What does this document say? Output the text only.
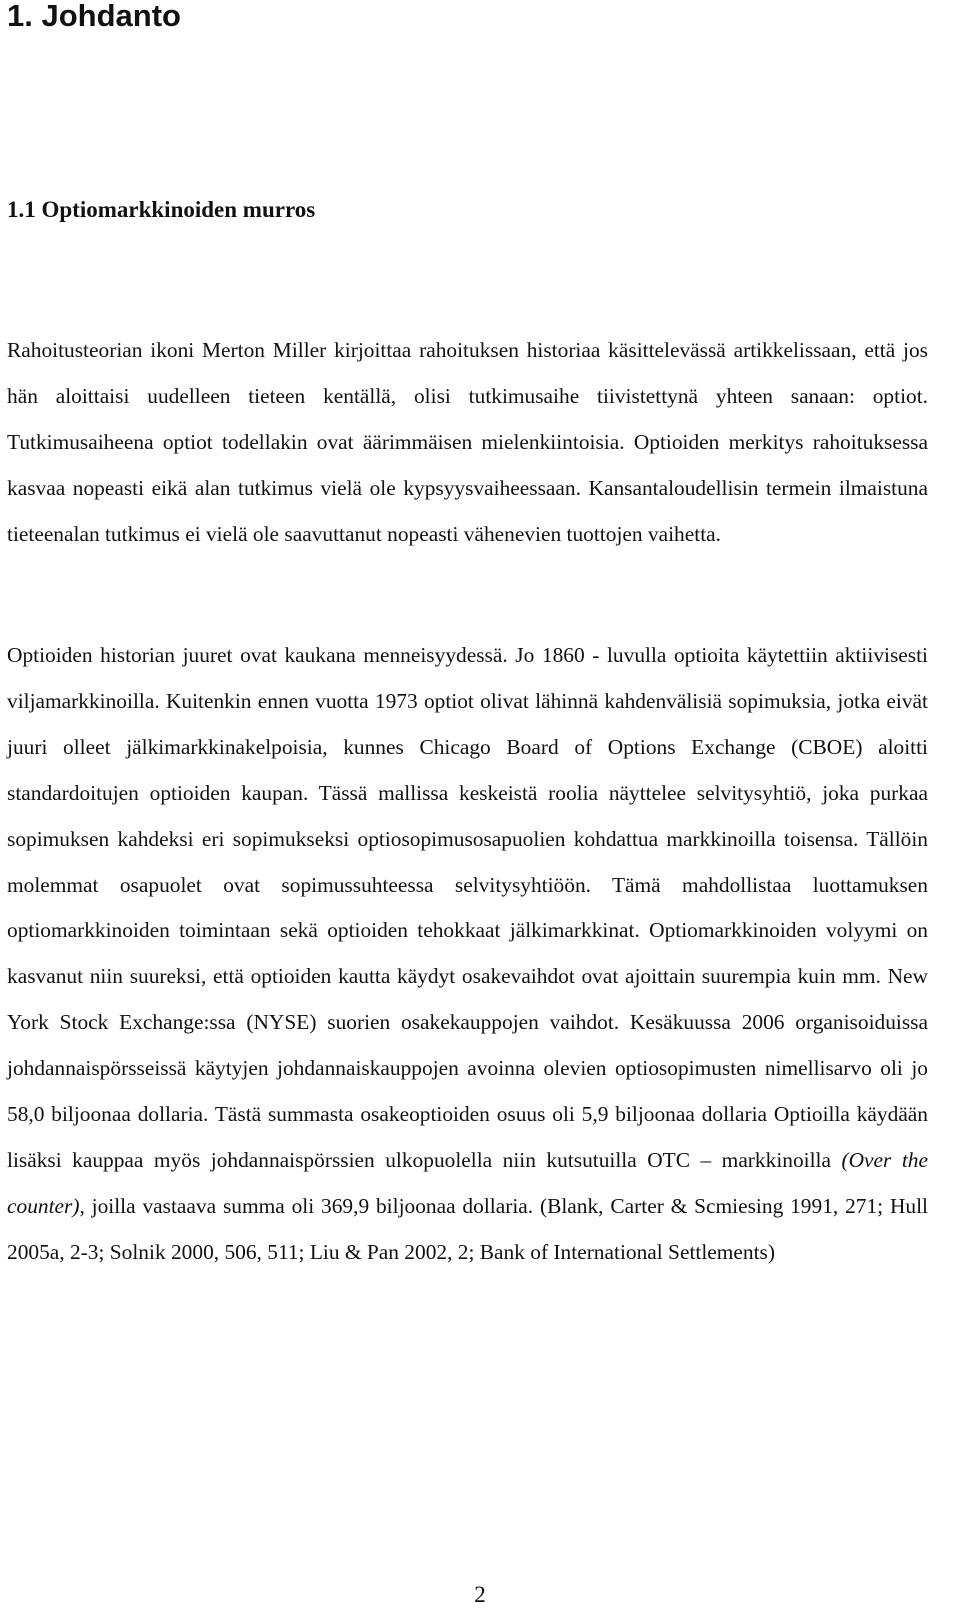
1. Johdanto
1.1 Optiomarkkinoiden murros

Rahoitusteorian ikoni Merton Miller kirjoittaa rahoituksen historiaa käsittelevässä artikkelissaan, että jos hän aloittaisi uudelleen tieteen kentällä, olisi tutkimusaihe tiivistettynä yhteen sanaan: optiot. Tutkimusaiheena optiot todellakin ovat äärimmäisen mielenkiintoisia. Optioiden merkitys rahoituksessa kasvaa nopeasti eikä alan tutkimus vielä ole kypsyysvaiheessaan. Kansantaloudellisin termein ilmaistuna tieteenalan tutkimus ei vielä ole saavuttanut nopeasti vähenevien tuottojen vaihetta.

Optioiden historian juuret ovat kaukana menneisyydessä. Jo 1860 - luvulla optioita käytettiin aktiivisesti viljamarkkinoilla. Kuitenkin ennen vuotta 1973 optiot olivat lähinnä kahdenvälisiä sopimuksia, jotka eivät juuri olleet jälkimarkkinakelpoisia, kunnes Chicago Board of Options Exchange (CBOE) aloitti standardoitujen optioiden kaupan. Tässä mallissa keskeistä roolia näyttelee selvitysyhtiö, joka purkaa sopimuksen kahdeksi eri sopimukseksi optiosopimusosapuolien kohdattua markkinoilla toisensa. Tällöin molemmat osapuolet ovat sopimussuhteessa selvitysyhtiöön. Tämä mahdollistaa luottamuksen optiomarkkinoiden toimintaan sekä optioiden tehokkaat jälkimarkkinat. Optiomarkkinoiden volyymi on kasvanut niin suureksi, että optioiden kautta käydyt osakevaihdot ovat ajoittain suurempia kuin mm. New York Stock Exchange:ssa (NYSE) suorien osakekauppojen vaihdot. Kesäkuussa 2006 organisoiduissa johdannaispörsseissä käytyjen johdannaiskauppojen avoinna olevien optiosopimusten nimellisarvo oli jo 58,0 biljoonaa dollaria. Tästä summasta osakeoptioiden osuus oli 5,9 biljoonaa dollaria Optioilla käydään lisäksi kauppaa myös johdannaispörssien ulkopuolella niin kutsutuilla OTC – markkinoilla (Over the counter), joilla vastaava summa oli 369,9 biljoonaa dollaria. (Blank, Carter & Scmiesing 1991, 271; Hull 2005a, 2-3; Solnik 2000, 506, 511; Liu & Pan 2002, 2; Bank of International Settlements)

2
